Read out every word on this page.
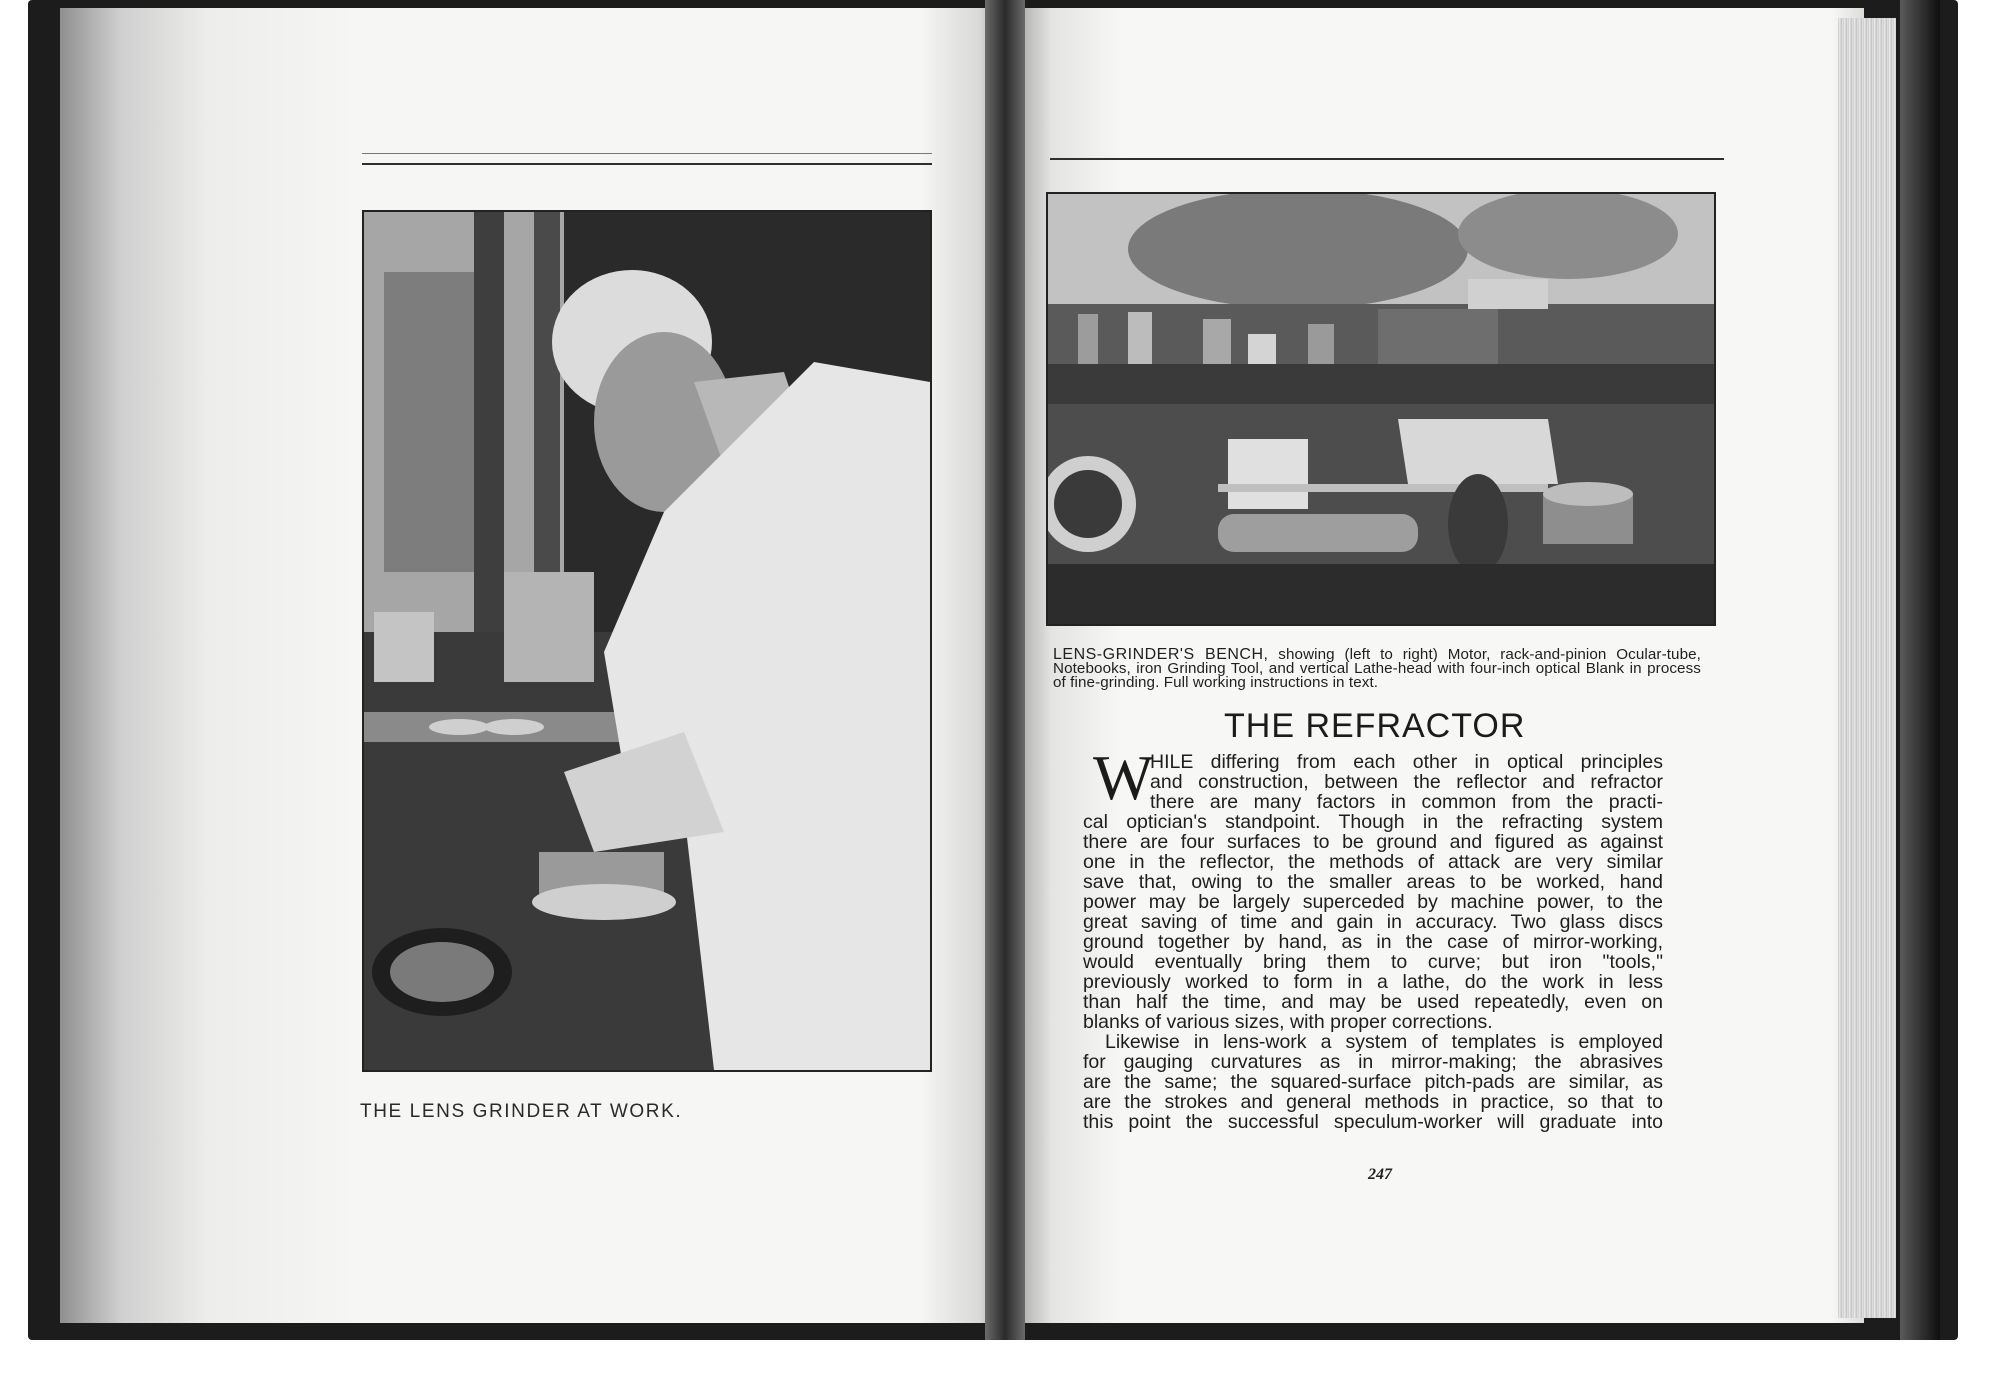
THE LENS GRINDER AT WORK.
LENS-GRINDER'S BENCH, showing (left to right) Motor, rack-and-pinion Ocular-tube, Notebooks, iron Grinding Tool, and vertical Lathe-head with four-inch optical Blank in process of fine-grinding. Full working instructions in text.
THE REFRACTOR
W
HILE differing from each other in optical principles
and construction, between the reflector and refractor
there are many factors in common from the practi-
cal optician's standpoint. Though in the refracting system
there are four surfaces to be ground and figured as against
one in the reflector, the methods of attack are very similar
save that, owing to the smaller areas to be worked, hand
power may be largely superceded by machine power, to the
great saving of time and gain in accuracy. Two glass discs
ground together by hand, as in the case of mirror-working,
would eventually bring them to curve; but iron "tools,"
previously worked to form in a lathe, do the work in less
than half the time, and may be used repeatedly, even on
blanks of various sizes, with proper corrections.
Likewise in lens-work a system of templates is employed
for gauging curvatures as in mirror-making; the abrasives
are the same; the squared-surface pitch-pads are similar, as
are the strokes and general methods in practice, so that to
this point the successful speculum-worker will graduate into
247
